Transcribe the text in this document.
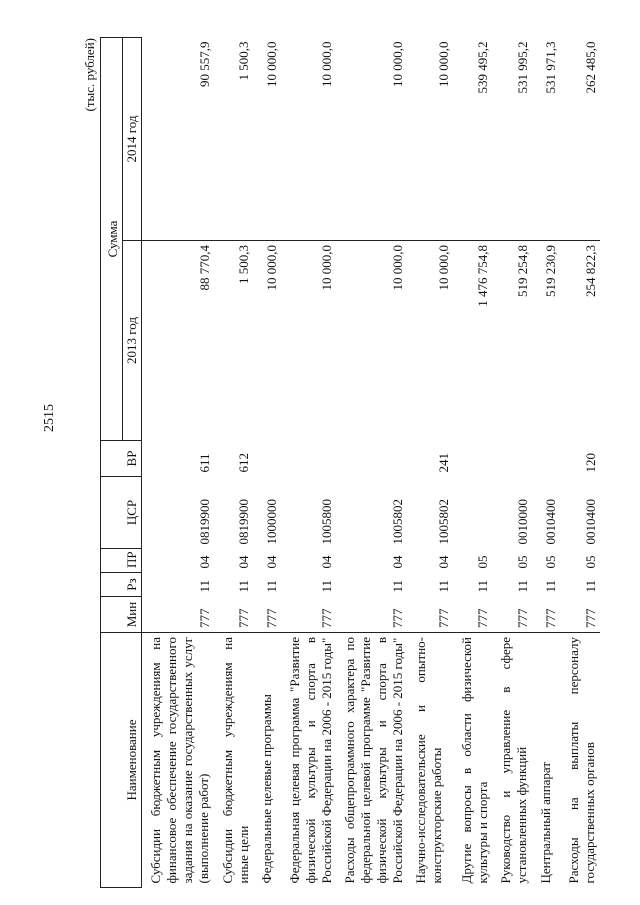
2515
(тыс. рублей)
Наименование	Мин	Рз	ПР	ЦСР	ВР	Сумма	
						2013 год	2014 год
Субсидии бюджетным учреждениям на финансовое обеспечение государственного задания на оказание государственных услуг (выполнение работ)	777	11	04	0819900	611	88 770,4	90 557,9
Субсидии бюджетным учреждениям на иные цели	777	11	04	0819900	612	1 500,3	1 500,3
Федеральные целевые программы	777	11	04	1000000		10 000,0	10 000,0
Федеральная целевая программа "Развитие физической культуры и спорта в Российской Федерации на 2006 - 2015 годы"	777	11	04	1005800		10 000,0	10 000,0
Расходы общепрограммного характера по федеральной целевой программе "Развитие физической культуры и спорта в Российской Федерации на 2006 - 2015 годы"	777	11	04	1005802		10 000,0	10 000,0
Научно-исследовательские и опытно-конструкторские работы	777	11	04	1005802	241	10 000,0	10 000,0
Другие вопросы в области физической культуры и спорта	777	11	05			1 476 754,8	539 495,2
Руководство и управление в сфере установленных функций	777	11	05	0010000		519 254,8	531 995,2
Центральный аппарат	777	11	05	0010400		519 230,9	531 971,3
Расходы на выплаты персоналу государственных органов	777	11	05	0010400	120	254 822,3	262 485,0
